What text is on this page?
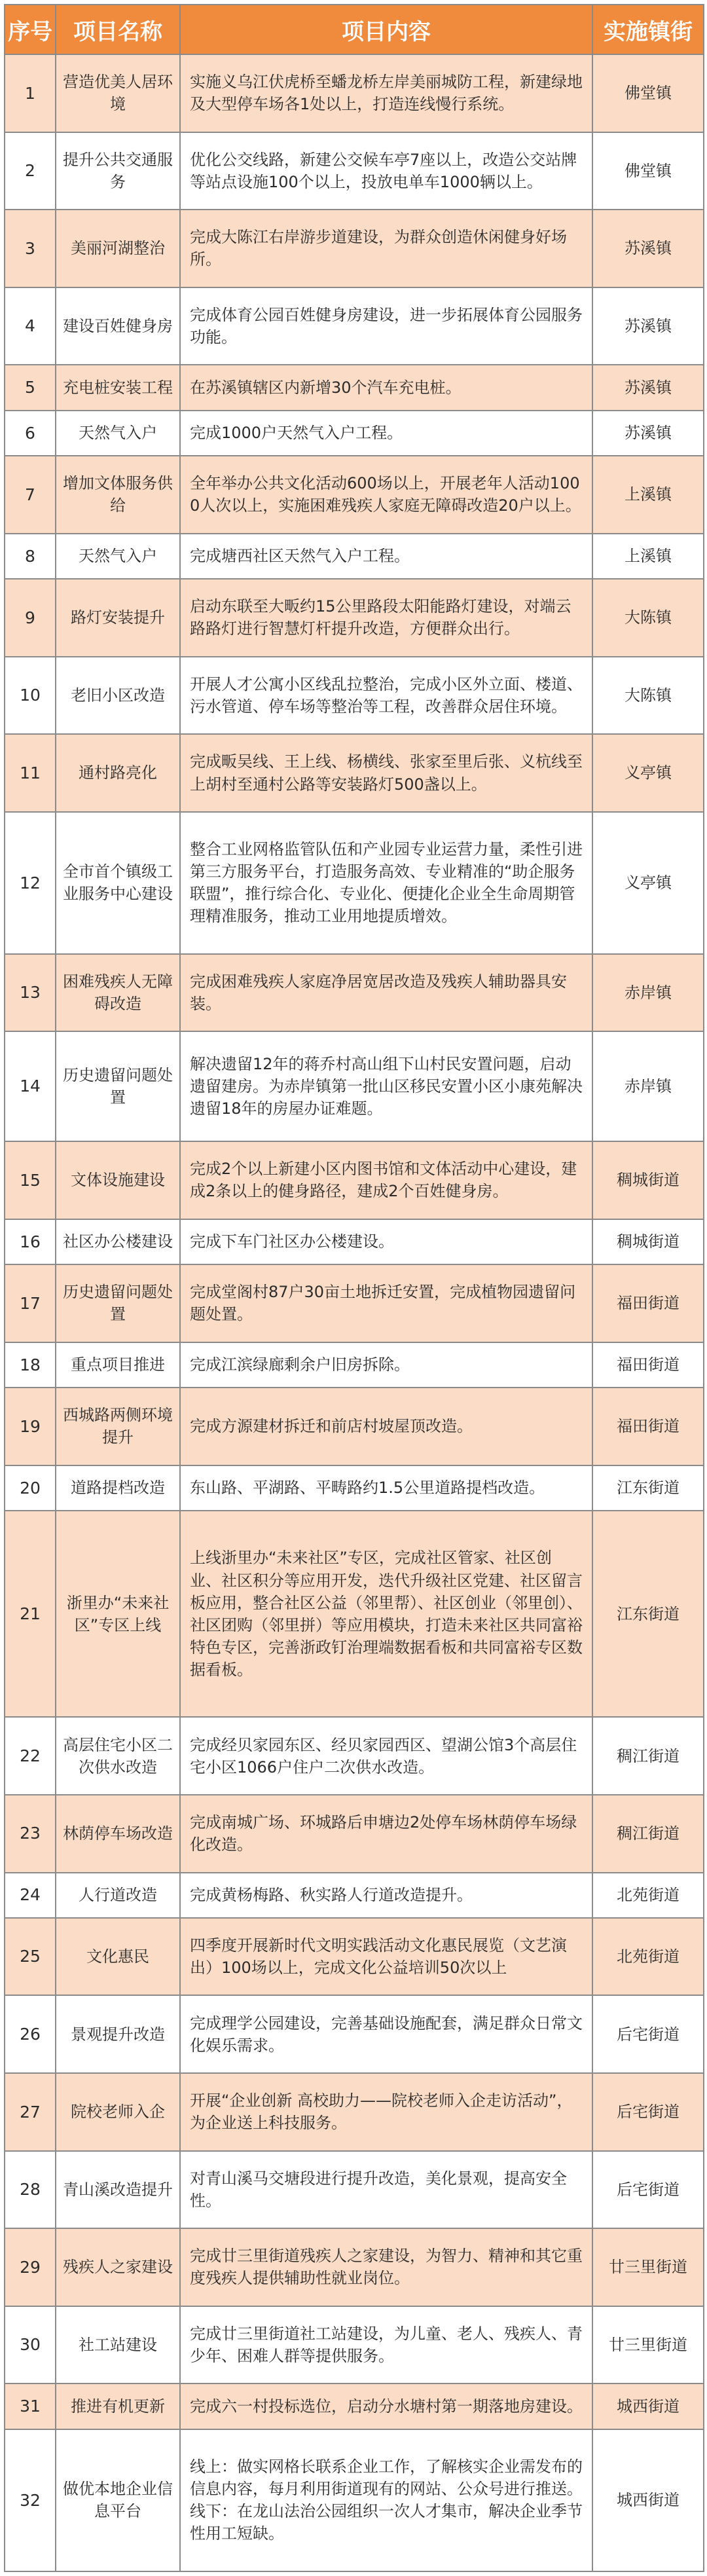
序号	项目名称	项目内容	实施镇街
1	营造优美人居环境	实施义乌江伏虎桥至蟠龙桥左岸美丽城防工程，新建绿地及大型停车场各1处以上，打造连线慢行系统。	佛堂镇
2	提升公共交通服务	优化公交线路，新建公交候车亭7座以上，改造公交站牌等站点设施100个以上，投放电单车1000辆以上。	佛堂镇
3	美丽河湖整治	完成大陈江右岸游步道建设，为群众创造休闲健身好场所。	苏溪镇
4	建设百姓健身房	完成体育公园百姓健身房建设，进一步拓展体育公园服务功能。	苏溪镇
5	充电桩安装工程	在苏溪镇辖区内新增30个汽车充电桩。	苏溪镇
6	天然气入户	完成1000户天然气入户工程。	苏溪镇
7	增加文体服务供给	全年举办公共文化活动600场以上，开展老年人活动1000人次以上，实施困难残疾人家庭无障碍改造20户以上。	上溪镇
8	天然气入户	完成塘西社区天然气入户工程。	上溪镇
9	路灯安装提升	启动东联至大畈约15公里路段太阳能路灯建设，对端云路路灯进行智慧灯杆提升改造，方便群众出行。	大陈镇
10	老旧小区改造	开展人才公寓小区线乱拉整治，完成小区外立面、楼道、污水管道、停车场等整治等工程，改善群众居住环境。	大陈镇
11	通村路亮化	完成畈吴线、王上线、杨横线、张家至里后张、义杭线至上胡村至通村公路等安装路灯500盏以上。	义亭镇
12	全市首个镇级工业服务中心建设	整合工业网格监管队伍和产业园专业运营力量，柔性引进第三方服务平台，打造服务高效、专业精准的“助企服务联盟”，推行综合化、专业化、便捷化企业全生命周期管理精准服务，推动工业用地提质增效。	义亭镇
13	困难残疾人无障碍改造	完成困难残疾人家庭净居宽居改造及残疾人辅助器具安装。	赤岸镇
14	历史遗留问题处置	解决遗留12年的蒋乔村高山组下山村民安置问题，启动遗留建房。为赤岸镇第一批山区移民安置小区小康苑解决遗留18年的房屋办证难题。	赤岸镇
15	文体设施建设	完成2个以上新建小区内图书馆和文体活动中心建设，建成2条以上的健身路径，建成2个百姓健身房。	稠城街道
16	社区办公楼建设	完成下车门社区办公楼建设。	稠城街道
17	历史遗留问题处置	完成堂阁村87户30亩土地拆迁安置，完成植物园遗留问题处置。	福田街道
18	重点项目推进	完成江滨绿廊剩余户旧房拆除。	福田街道
19	西城路两侧环境提升	完成方源建材拆迁和前店村坡屋顶改造。	福田街道
20	道路提档改造	东山路、平湖路、平畴路约1.5公里道路提档改造。	江东街道
21	浙里办“未来社区”专区上线	上线浙里办“未来社区”专区，完成社区管家、社区创业、社区积分等应用开发，迭代升级社区党建、社区留言板应用，整合社区公益（邻里帮）、社区创业（邻里创）、社区团购（邻里拼）等应用模块，打造未来社区共同富裕特色专区，完善浙政钉治理端数据看板和共同富裕专区数据看板。	江东街道
22	高层住宅小区二次供水改造	完成经贝家园东区、经贝家园西区、望湖公馆3个高层住宅小区1066户住户二次供水改造。	稠江街道
23	林荫停车场改造	完成南城广场、环城路后申塘边2处停车场林荫停车场绿化改造。	稠江街道
24	人行道改造	完成黄杨梅路、秋实路人行道改造提升。	北苑街道
25	文化惠民	四季度开展新时代文明实践活动文化惠民展览（文艺演出）100场以上，完成文化公益培训50次以上	北苑街道
26	景观提升改造	完成理学公园建设，完善基础设施配套，满足群众日常文化娱乐需求。	后宅街道
27	院校老师入企	开展“企业创新 高校助力——院校老师入企走访活动”，为企业送上科技服务。	后宅街道
28	青山溪改造提升	对青山溪马交塘段进行提升改造，美化景观，提高安全性。	后宅街道
29	残疾人之家建设	完成廿三里街道残疾人之家建设，为智力、精神和其它重度残疾人提供辅助性就业岗位。	廿三里街道
30	社工站建设	完成廿三里街道社工站建设，为儿童、老人、残疾人、青少年、困难人群等提供服务。	廿三里街道
31	推进有机更新	完成六一村投标选位，启动分水塘村第一期落地房建设。	城西街道
32	做优本地企业信息平台	线上：做实网格长联系企业工作，了解核实企业需发布的信息内容，每月利用街道现有的网站、公众号进行推送。线下：在龙山法治公园组织一次人才集市，解决企业季节性用工短缺。	城西街道
